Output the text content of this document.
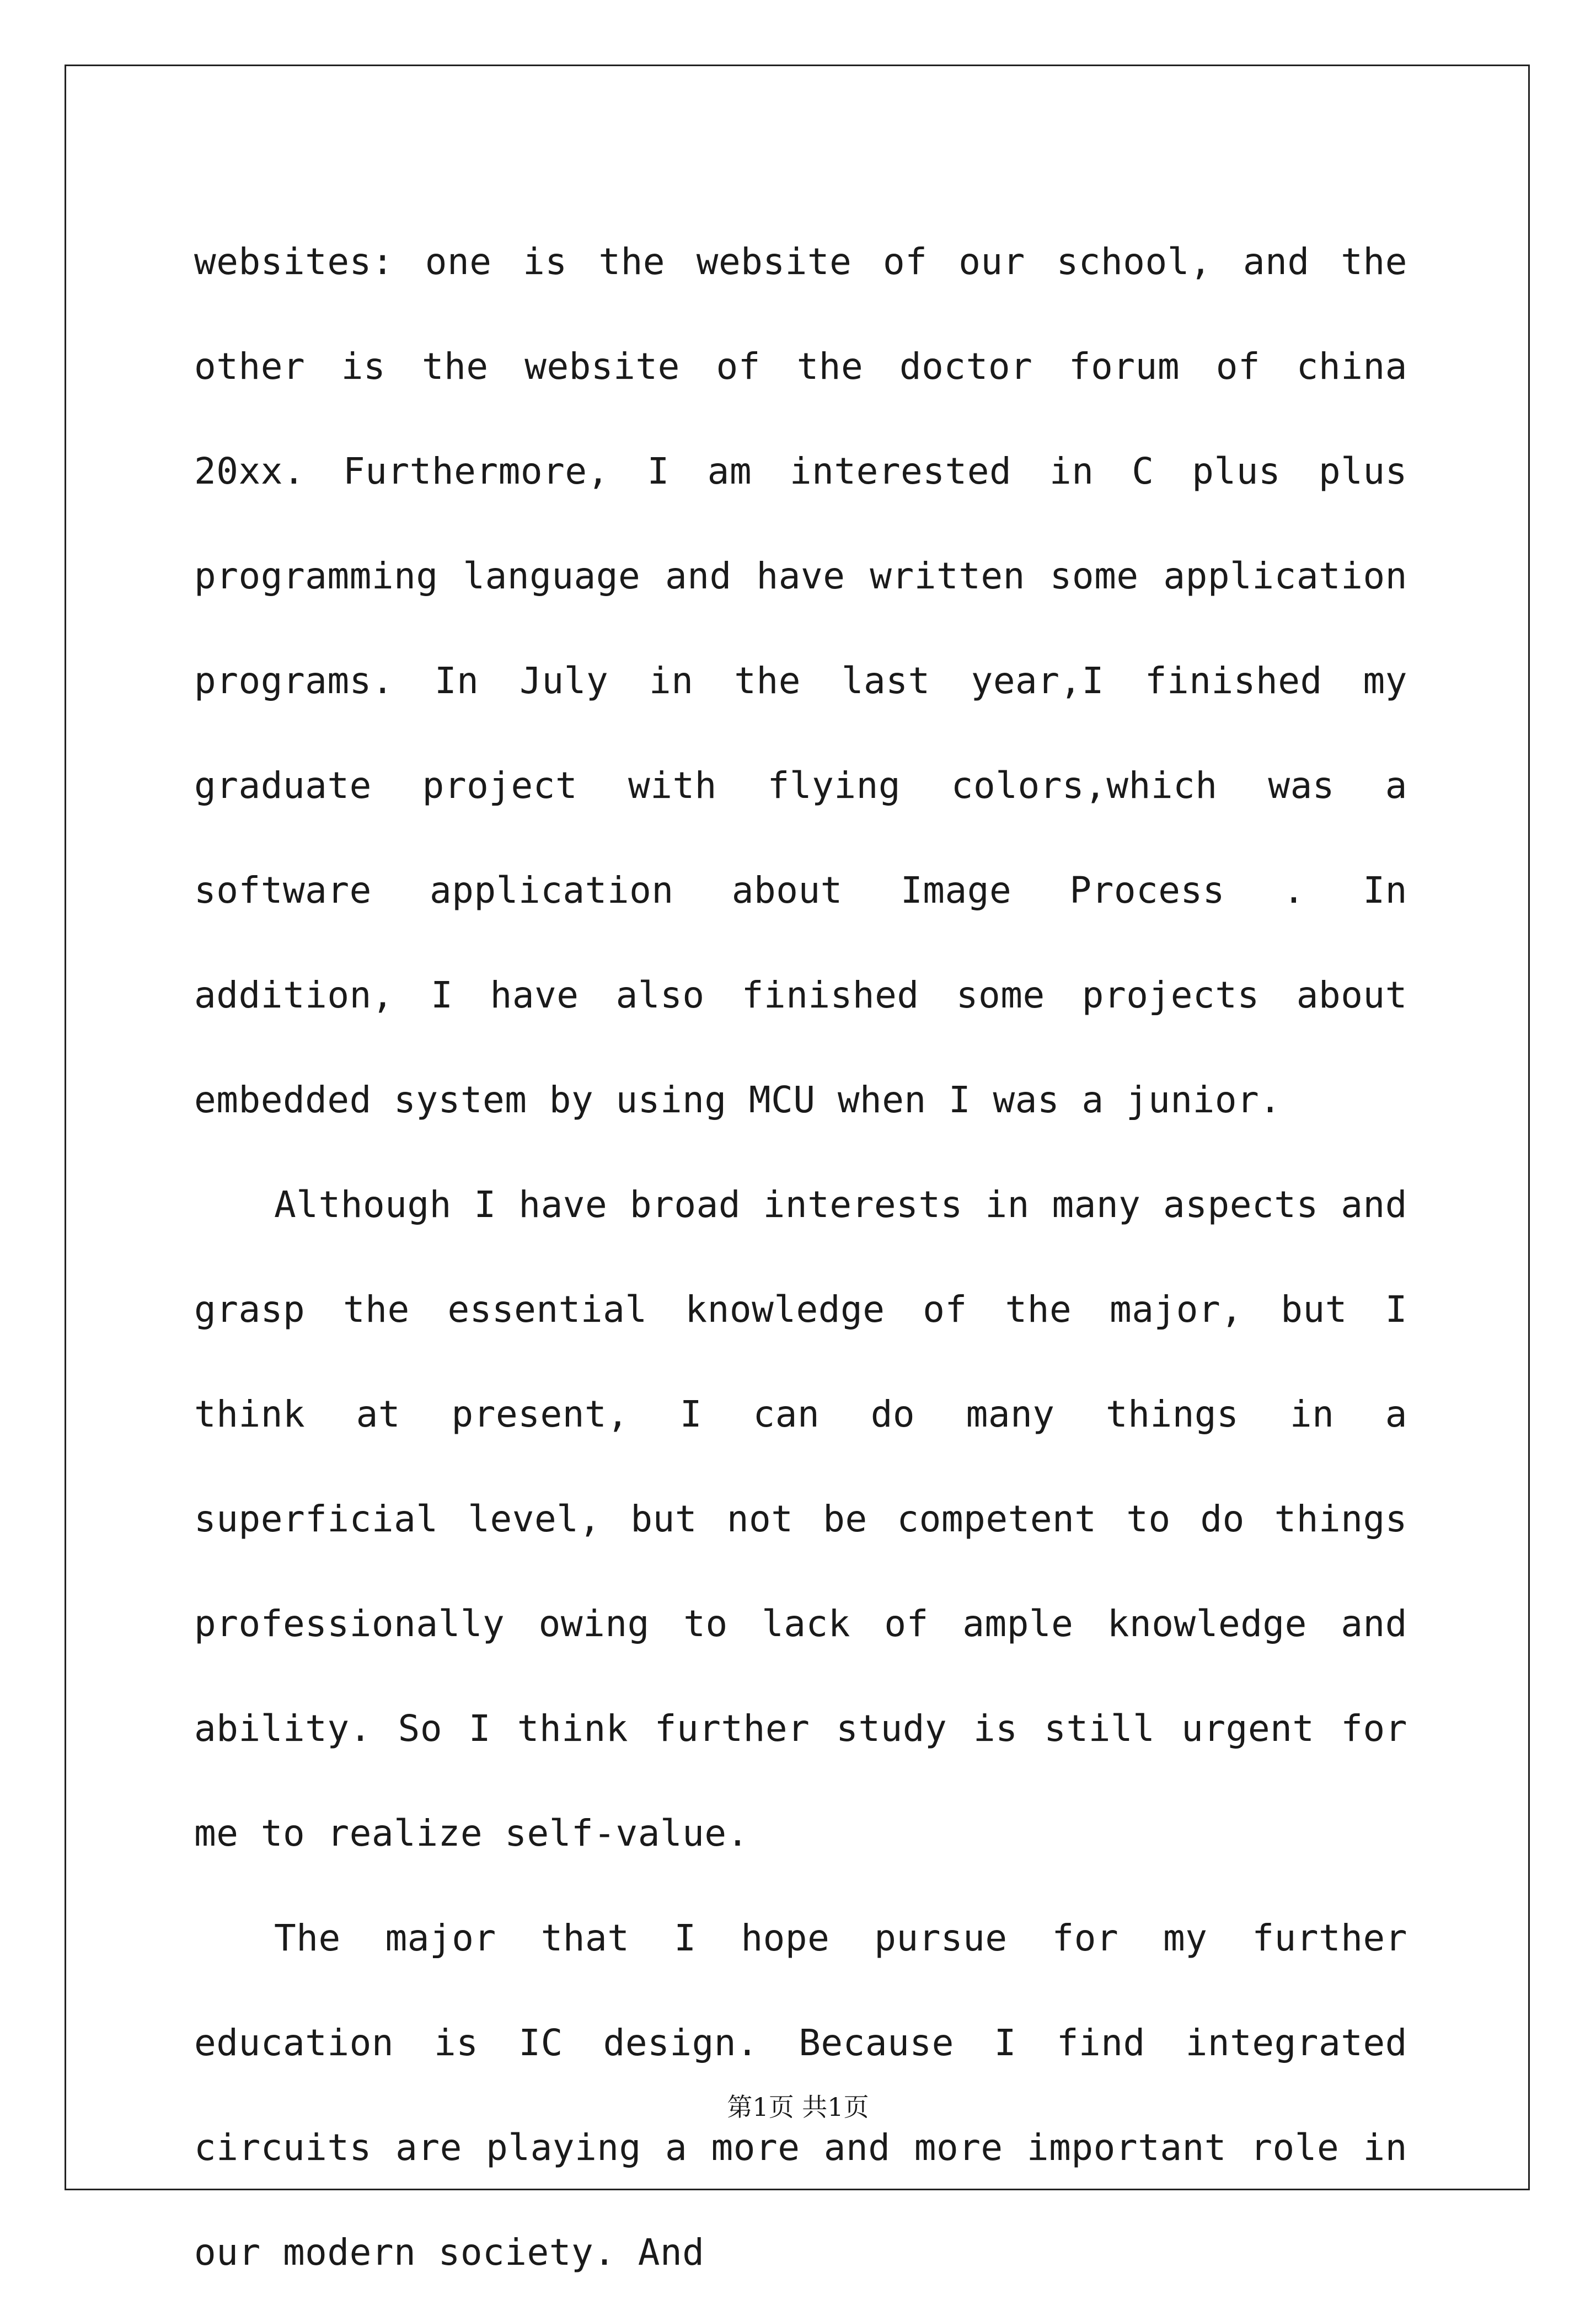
websites: one is the website of our school, and the other is the website of the doctor forum of china 20xx. Furthermore, I am interested in C plus plus programming language and have written some application programs. In July in the last year,I finished my graduate project with flying colors,which was a software application about Image Process . In addition, I have also finished some projects about embedded system by using MCU when I was a junior.

Although I have broad interests in many aspects and grasp the essential knowledge of the major, but I think at present, I can do many things in a superficial level, but not be competent to do things professionally owing to lack of ample knowledge and ability. So I think further study is still urgent for me to realize self-value.

The major that I hope pursue for my further education is IC design. Because I find integrated circuits are playing a more and more important role in our modern society. And

第1页 共1页
